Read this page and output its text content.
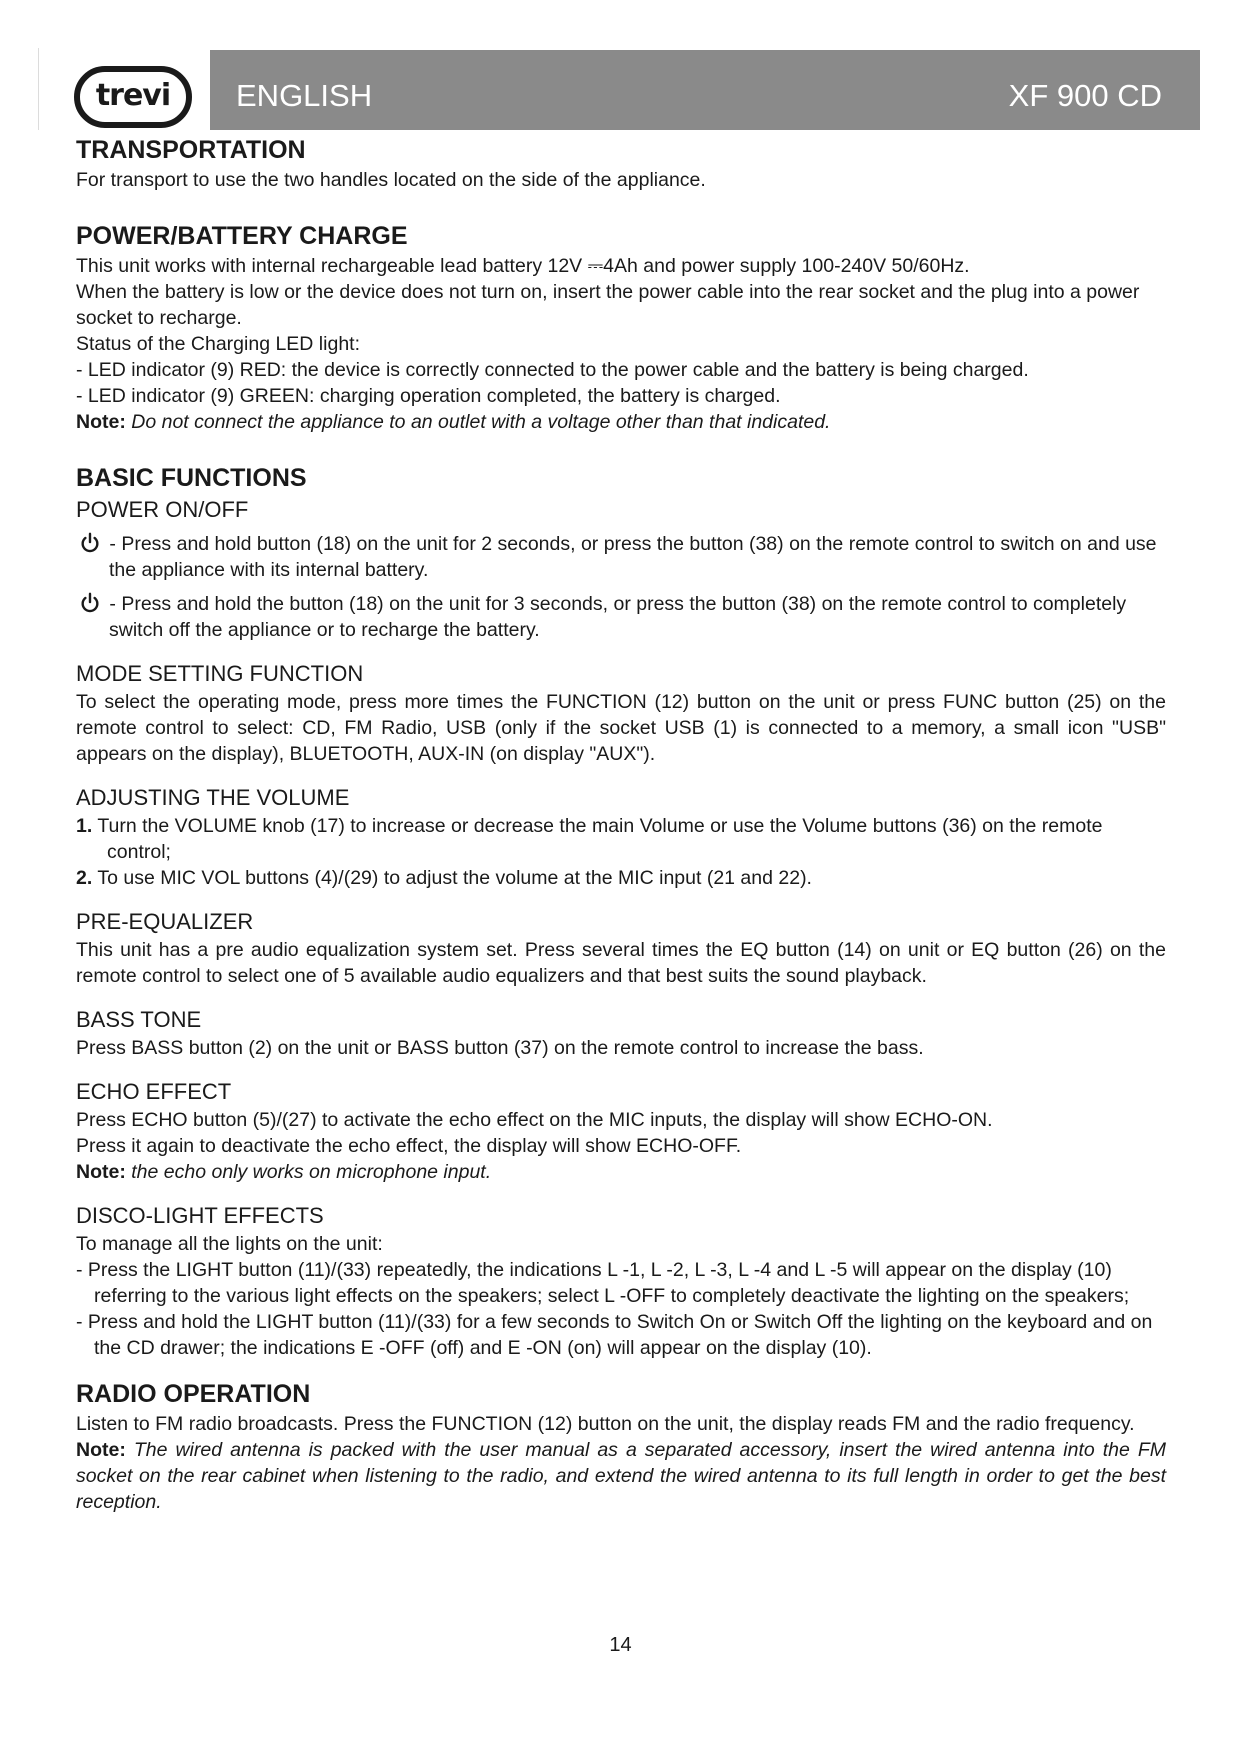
trevi ENGLISH	XF 900 CD
TRANSPORTATION

For transport to use the two handles located on the side of the appliance.

POWER/BATTERY CHARGE

This unit works with internal rechargeable lead battery 12V ⎓4Ah and power supply 100-240V 50/60Hz.

When the battery is low or the device does not turn on, insert the power cable into the rear socket and the plug into a power socket to recharge.

Status of the Charging LED light:

- LED indicator (9) RED: the device is correctly connected to the power cable and the battery is being charged.

- LED indicator (9) GREEN: charging operation completed, the battery is charged.

Note: Do not connect the appliance to an outlet with a voltage other than that indicated.

BASIC FUNCTIONS
POWER ON/OFF

- Press and hold button (18) on the unit for 2 seconds, or press the button (38) on the remote control to switch on and use the appliance with its internal battery.

- Press and hold the button (18) on the unit for 3 seconds, or press the button (38) on the remote control to completely switch off the appliance or to recharge the battery.

MODE SETTING FUNCTION

To select the operating mode, press more times the FUNCTION (12) button on the unit or press FUNC button (25) on the remote control to select: CD, FM Radio, USB (only if the socket USB (1) is connected to a memory, a small icon "USB" appears on the display), BLUETOOTH, AUX-IN (on display "AUX").

ADJUSTING THE VOLUME

1. Turn the VOLUME knob (17) to increase or decrease the main Volume or use the Volume buttons (36) on the remote control;

2. To use MIC VOL buttons (4)/(29) to adjust the volume at the MIC input (21 and 22).

PRE-EQUALIZER

This unit has a pre audio equalization system set. Press several times the EQ button (14) on unit or EQ button (26) on the remote control to select one of 5 available audio equalizers and that best suits the sound playback.

BASS TONE

Press BASS button (2) on the unit or BASS button (37) on the remote control to increase the bass.

ECHO EFFECT

Press ECHO button (5)/(27) to activate the echo effect on the MIC inputs, the display will show ECHO-ON.

Press it again to deactivate the echo effect, the display will show ECHO-OFF.

Note: the echo only works on microphone input.

DISCO-LIGHT EFFECTS

To manage all the lights on the unit:

- Press the LIGHT button (11)/(33) repeatedly, the indications L -1, L -2, L -3, L -4 and L -5 will appear on the display (10) referring to the various light effects on the speakers; select L -OFF to completely deactivate the lighting on the speakers;

- Press and hold the LIGHT button (11)/(33) for a few seconds to Switch On or Switch Off the lighting on the keyboard and on the CD drawer; the indications E -OFF (off) and E -ON (on) will appear on the display (10).

RADIO OPERATION

Listen to FM radio broadcasts. Press the FUNCTION (12) button on the unit, the display reads FM and the radio frequency.

Note: The wired antenna is packed with the user manual as a separated accessory, insert the wired antenna into the FM socket on the rear cabinet when listening to the radio, and extend the wired antenna to its full length in order to get the best reception.

14
